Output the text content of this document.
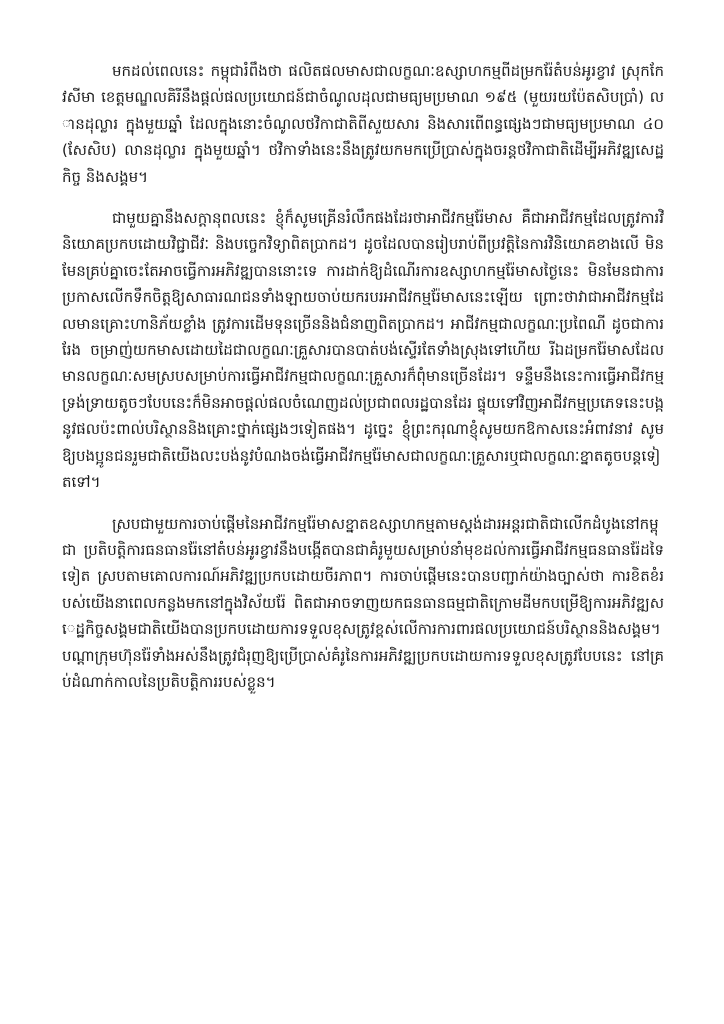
មកដល់ពេលនេះ កម្ពុជារំពឹងថា ផលិតផលមាសជាលក្ខណៈឧស្សាហកម្មពីដម្រករ៉ែតំបន់អូរខ្វាវ ស្រុកកែវសីមា ខេត្តមណ្ឌលគិរីនឹងផ្តល់ផលប្រយោជន៍ជាចំណូលដុលជាមធ្យមប្រមាណ ១៩៥ (មួយរយប៉ែតសិបប្រាំ) លានដុល្លារ ក្នុងមួយឆ្នាំ ដែលក្នុងនោះចំណូលថវិកាជាតិពីសួយសារ និងសារពើពន្ធផ្សេងៗជាមធ្យមប្រមាណ ៤០ (សែសិប) លានដុល្លារ ក្នុងមួយឆ្នាំ។ ថវិកាទាំងនេះនឹងត្រូវយកមកប្រើប្រាស់ក្នុងចរន្តថវិកាជាតិដើម្បីអភិវឌ្ឍសេដ្ឋកិច្ច និងសង្គម។

ជាមួយគ្នានឹងសក្តានុពលនេះ ខ្ញុំក៏សូមគ្រើនរំលឹកផងដែរថាអាជីវកម្មរ៉ែមាស គឺជាអាជីវកម្មដែលត្រូវការវិនិយោគប្រកបដោយវិជ្ជាជីវៈ និងបច្ចេកវិទ្យាពិតប្រាកដ។ ដូចដែលបានរៀបរាប់ពីប្រវត្តិនៃការវិនិយោគខាងលើ មិនមែនគ្រប់គ្នាចេះតែអាចធ្វើការអភិវឌ្ឍបាននោះទេ ការដាក់ឱ្យដំណើរការឧស្សាហកម្មរ៉ែមាសថ្ងៃនេះ មិនមែនជាការប្រកាសលើកទឹកចិត្តឱ្យសាធារណជនទាំងឡាយចាប់យករបរអាជីវកម្មរ៉ែមាសនេះឡើយ ព្រោះថាវាជាអាជីវកម្មដែលមានគ្រោះហានិភ័យខ្លាំង ត្រូវការដើមទុនច្រើននិងជំនាញពិតប្រាកដ។ អាជីវកម្មជាលក្ខណៈប្រពៃណី ដូចជាការរែង ចម្រាញ់យកមាសដោយដៃជាលក្ខណៈគ្រួសារបានបាត់បង់ស្ទើរតែទាំងស្រុងទៅហើយ រីឯដម្រករ៉ែមាសដែលមានលក្ខណៈសមស្របសម្រាប់ការធ្វើអាជីវកម្មជាលក្ខណៈគ្រួសារក៏ពុំមានច្រើនដែរ។ ទន្ទឹមនឹងនេះការធ្វើអាជីវកម្មទ្រង់ទ្រាយតូចៗបែបនេះក៏មិនអាចផ្តល់ផលចំណេញដល់ប្រជាពលរដ្ឋបានដែរ ផ្ទុយទៅវិញអាជីវកម្មប្រភេទនេះបង្កនូវផលប៉ះពាល់បរិស្ថាននិងគ្រោះថ្នាក់ផ្សេងៗទៀតផង។ ដូច្នេះ ខ្ញុំព្រះករុណាខ្ញុំសូមយកឱកាសនេះអំពាវនាវ សូមឱ្យបងប្អូនជនរួមជាតិយើងលះបង់នូវបំណងចង់ធ្វើអាជីវកម្មរ៉ែមាសជាលក្ខណៈគ្រួសារឬជាលក្ខណៈខ្នាតតូចបន្តទៀតទៅ។

ស្របជាមួយការចាប់ផ្តើមនៃអាជីវកម្មរ៉ែមាសខ្នាតឧស្សាហកម្មតាមស្តង់ដារអន្តរជាតិជាលើកដំបូងនៅកម្ពុជា ប្រតិបត្តិការធនធានរ៉ែនៅតំបន់អូរខ្វាវនឹងបង្កើតបានជាគំរូមួយសម្រាប់នាំមុខដល់ការធ្វើអាជីវកម្មធនធានរ៉ែដទៃទៀត ស្របតាមគោលការណ៍អភិវឌ្ឍប្រកបដោយចីរភាព។ ការចាប់ផ្តើមនេះបានបញ្ជាក់យ៉ាងច្បាស់ថា ការខិតខំរបស់យើងនាពេលកន្លងមកនៅក្នុងវិស័យរ៉ែ ពិតជាអាចទាញយកធនធានធម្មជាតិក្រោមដីមកបម្រើឱ្យការអភិវឌ្ឍសេដ្ឋកិច្ចសង្គមជាតិយើងបានប្រកបដោយការទទួលខុសត្រូវខ្ពស់លើការការពារផលប្រយោជន៍បរិស្ថាននិងសង្គម។ បណ្តាក្រុមហ៊ុនរ៉ែទាំងអស់នឹងត្រូវជំរុញឱ្យប្រើប្រាស់គំរូនៃការអភិវឌ្ឍប្រកបដោយការទទួលខុសត្រូវបែបនេះ នៅគ្រប់ដំណាក់កាលនៃប្រតិបត្តិការរបស់ខ្លួន។
